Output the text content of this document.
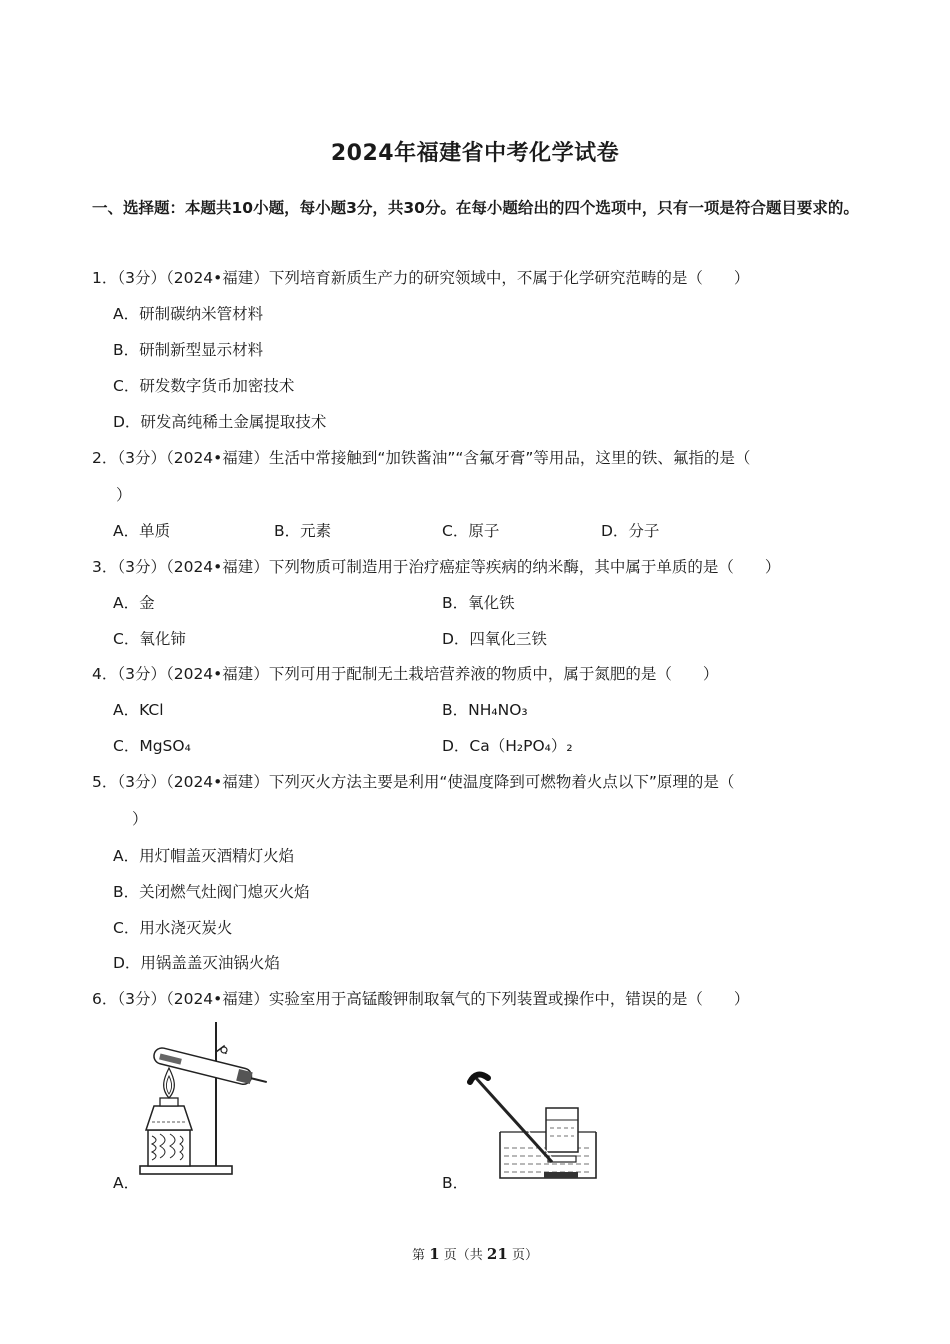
2024年福建省中考化学试卷
一、选择题：本题共10小题，每小题3分，共30分。在每小题给出的四个选项中，只有一项是符合题目要求的。
1．（3分）（2024•福建）下列培育新质生产力的研究领域中，不属于化学研究范畴的是（　　）
A．研制碳纳米管材料
B．研制新型显示材料
C．研发数字货币加密技术
D．研发高纯稀土金属提取技术
2．（3分）（2024•福建）生活中常接触到“加铁酱油”“含氟牙膏”等用品，这里的铁、氟指的是（
）
A．单质	B．元素	C．原子	D．分子
3．（3分）（2024•福建）下列物质可制造用于治疗癌症等疾病的纳米酶，其中属于单质的是（　　）
A．金	B．氧化铁
C．氧化铈	D．四氧化三铁
4．（3分）（2024•福建）下列可用于配制无土栽培营养液的物质中，属于氮肥的是（　　）
A．KCl	B．NH₄NO₃
C．MgSO₄	D．Ca（H₂PO₄）₂
5．（3分）（2024•福建）下列灭火方法主要是利用“使温度降到可燃物着火点以下”原理的是（
）
A．用灯帽盖灭酒精灯火焰
B．关闭燃气灶阀门熄灭火焰
C．用水浇灭炭火
D．用锅盖盖灭油锅火焰
6．（3分）（2024•福建）实验室用于高锰酸钾制取氧气的下列装置或操作中，错误的是（　　）
A．	B．
第 1 页（共 21 页）
